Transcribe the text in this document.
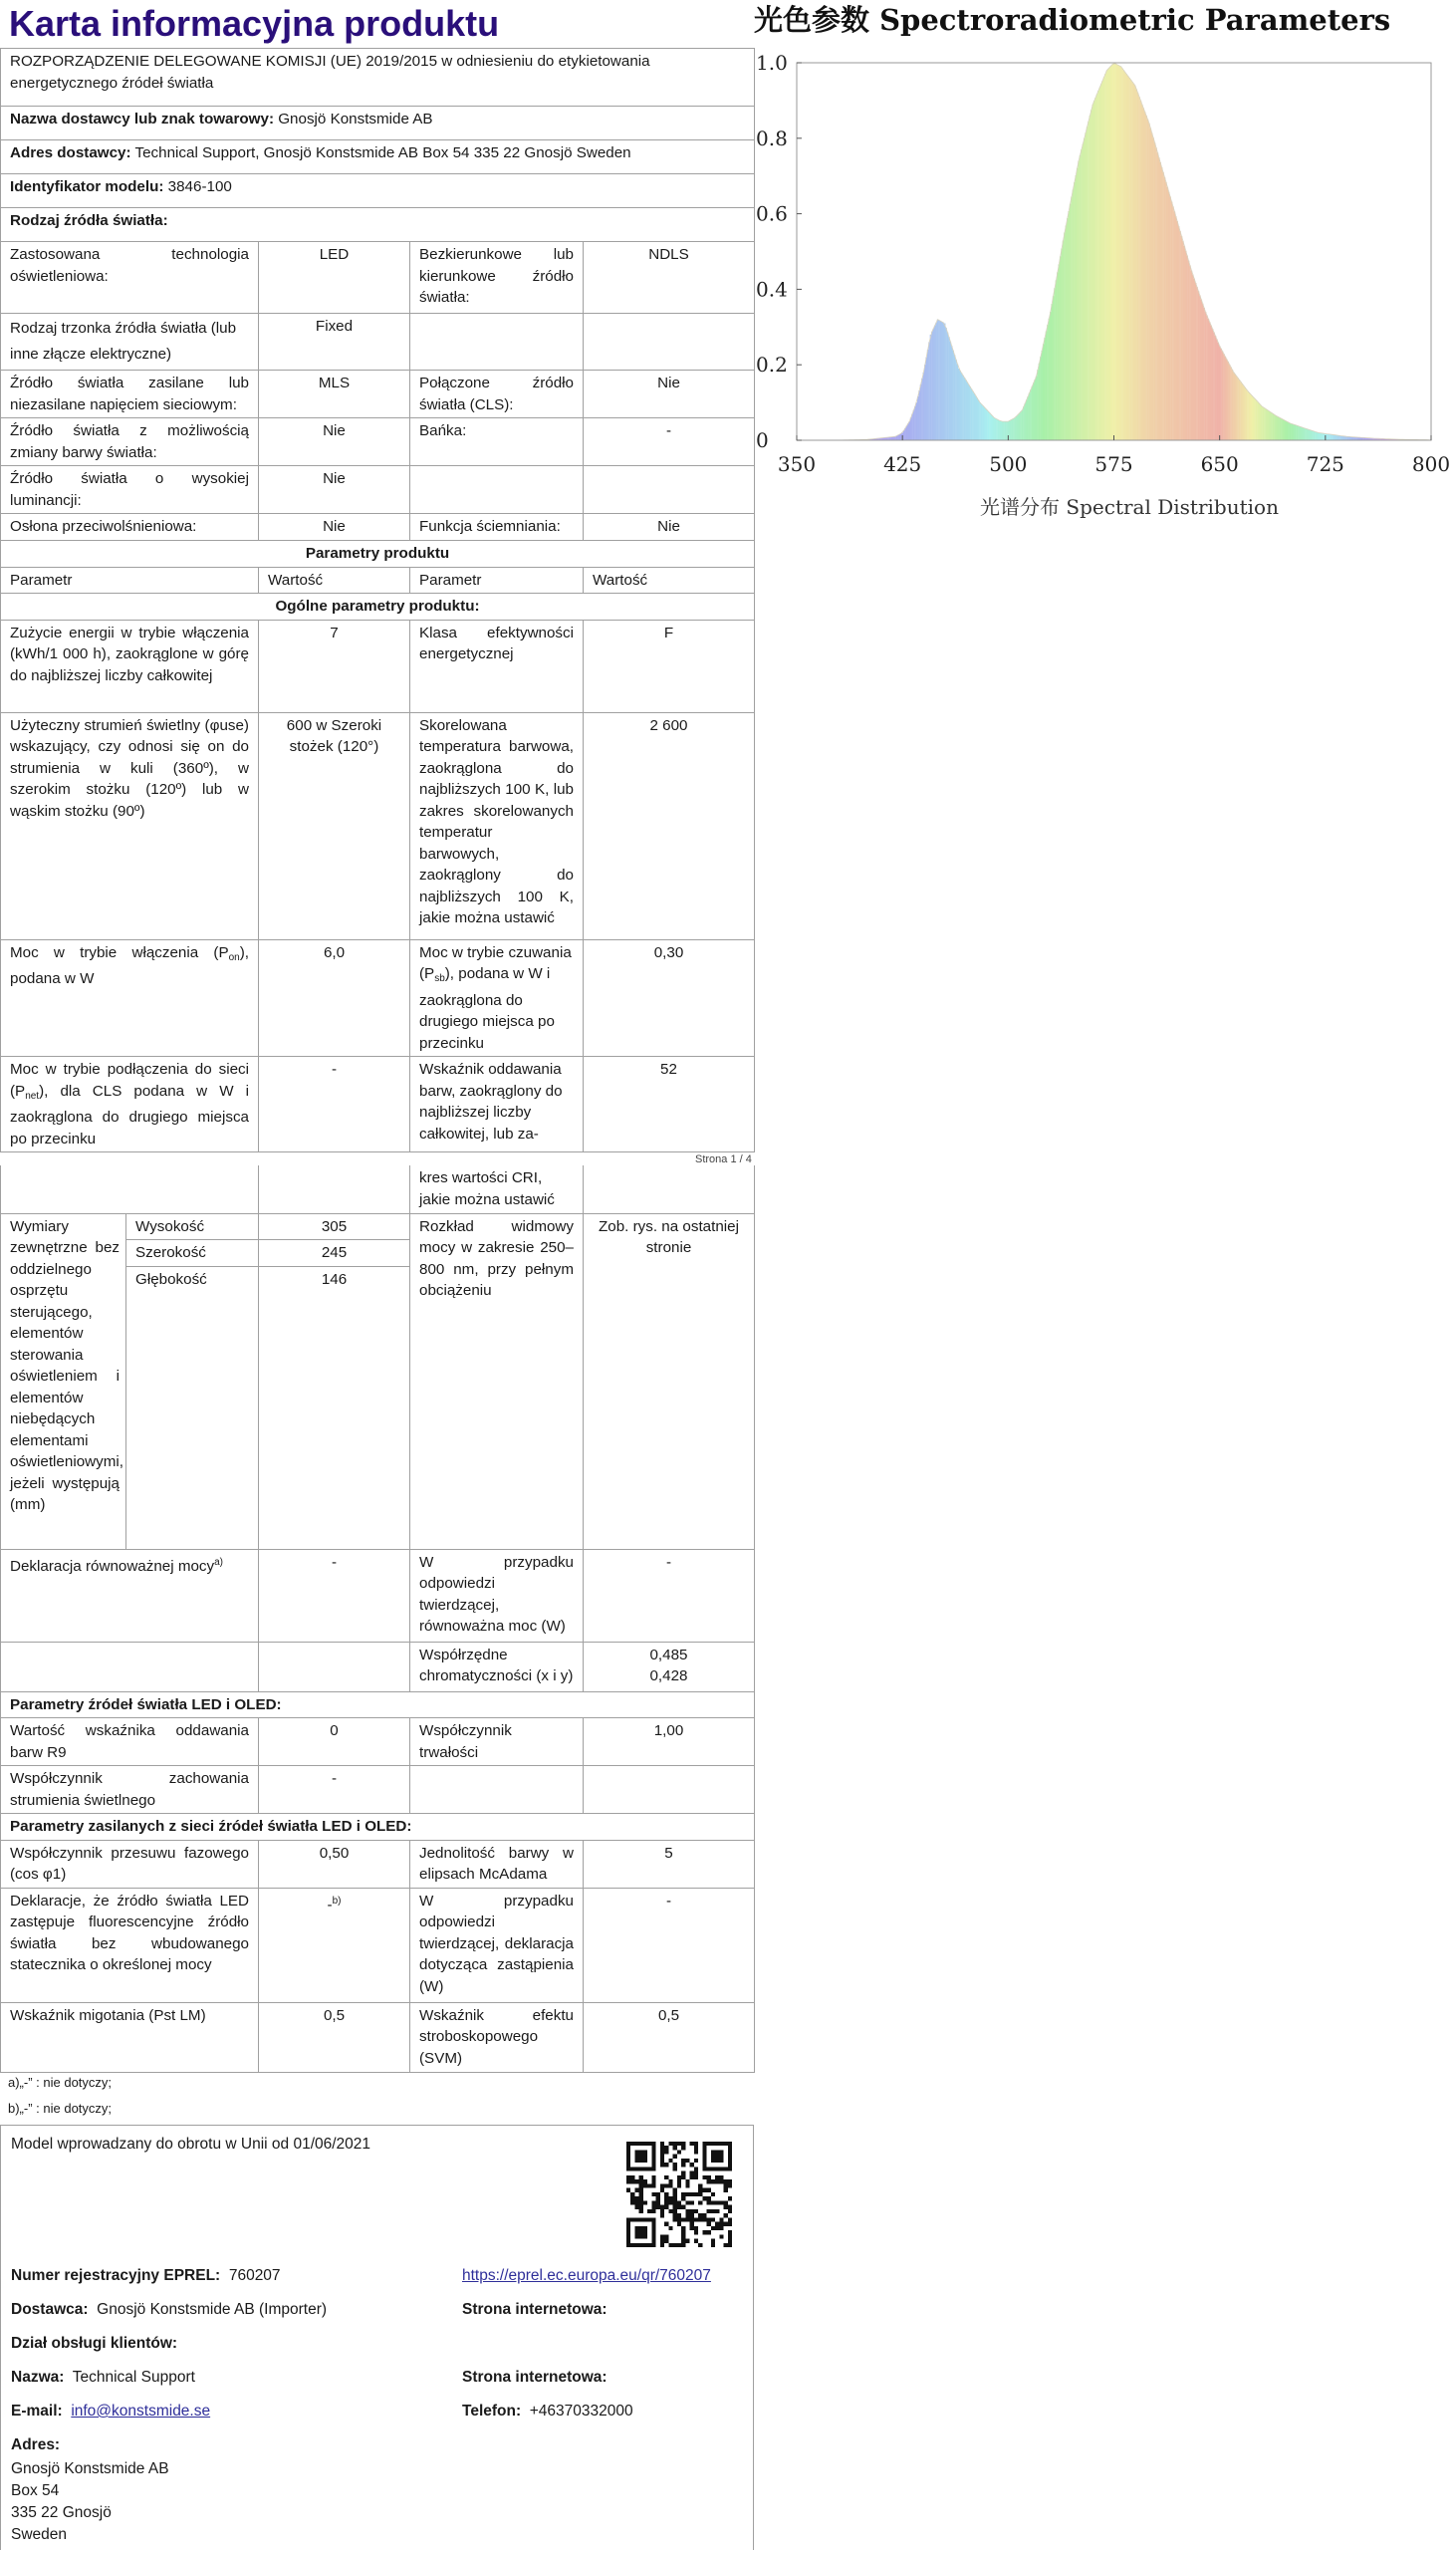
Karta informacyjna produktu
ROZPORZĄDZENIE DELEGOWANE KOMISJI (UE) 2019/2015 w odniesieniu do etykietowania energetycznego źródeł światła			
Nazwa dostawcy lub znak towarowy: Gnosjö Konstsmide AB			
Adres dostawcy: Technical Support, Gnosjö Konstsmide AB Box 54 335 22 Gnosjö Sweden			
Identyfikator modelu: 3846-100			
Rodzaj źródła światła:			
Zastosowana technologia oświetleniowa:	LED	Bezkierunkowe lub kierunkowe źródło światła:	NDLS
Rodzaj trzonka źródła światła (lub inne złącze elektryczne)	Fixed		
Źródło światła zasilane lub niezasilane napięciem sieciowym:	MLS	Połączone źródło światła (CLS):	Nie
Źródło światła z możliwością zmiany barwy światła:	Nie	Bańka:	-
Źródło światła o wysokiej luminancji:	Nie		
Osłona przeciwolśnieniowa:	Nie	Funkcja ściemniania:	Nie
Parametry produktu			
Parametr	Wartość	Parametr	Wartość
Ogólne parametry produktu:			
Zużycie energii w trybie włączenia (kWh/1 000 h), zaokrąglone w górę do najbliższej liczby całkowitej	7	Klasa efektywności energetycznej	F
Użyteczny strumień świetlny (φuse) wskazujący, czy odnosi się on do strumienia w kuli (360º), w szerokim stożku (120º) lub w wąskim stożku (90º)	600 w Szeroki stożek (120°)	Skorelowana temperatura barwowa, zaokrąglona do najbliższych 100 K, lub zakres skorelowanych temperatur barwowych, zaokrąglony do najbliższych 100 K, jakie można ustawić	2 600
Moc w trybie włączenia $(P_{on})$, podana w W	6,0	Moc w trybie czuwania $(P_{sb})$, podana w W i zaokrąglona do drugiego miejsca po przecinku	0,30
Moc w trybie podłączenia do sieci $(P_{net})$, dla CLS podana w W i zaokrąglona do drugiego miejsca po przecinku	-	Wskaźnik oddawania barw, zaokrąglony do najbliższej liczby całkowitej, lub za-	52
Strona 1 / 4
			kres wartości CRI, jakie można ustawić	
Wymiary zewnętrzne bez oddzielnego osprzętu sterującego, elementów sterowania oświetleniem i elementów niebędących elementami oświetleniowymi, jeżeli występują (mm)	Wysokość	305	Rozkład widmowy mocy w zakresie 250–800 nm, przy pełnym obciążeniu	Zob. rys. na ostatniej stronie
	Szerokość	245		
	Głębokość	146		
Deklaracja równoważnej mocy$^{a)}$		-	W przypadku odpowiedzi twierdzącej, równoważna moc (W)	-
			Współrzędne chromatyczności (x i y)	0,485
0,428

Parametry źródeł światła LED i OLED:				
Wartość wskaźnika oddawania barw R9		0	Współczynnik trwałości	1,00
Współczynnik zachowania strumienia świetlnego		-		
Parametry zasilanych z sieci źródeł światła LED i OLED:				
Współczynnik przesuwu fazowego (cos φ1)		0,50	Jednolitość barwy w elipsach McAdama	5
Deklaracje, że źródło światła LED zastępuje fluorescencyjne źródło światła bez wbudowanego statecznika o określonej mocy		-$^{b)}$	W przypadku odpowiedzi twierdzącej, deklaracja dotycząca zastąpienia (W)	-
Wskaźnik migotania (Pst LM)		0,5	Wskaźnik efektu stroboskopowego (SVM)	0,5
a)„-” : nie dotyczy;
b)„-” : nie dotyczy;
Model wprowadzany do obrotu w Unii od 01/06/2021
Numer rejestracyjny EPREL: 760207	https://eprel.ec.europa.eu/qr/760207
Dostawca: Gnosjö Konstsmide AB (Importer)	Strona internetowa:
Dział obsługi klientów:
Nazwa: Technical Support	Strona internetowa:
E-mail: info@konstsmide.se	Telefon: +46370332000
Adres:
Gnosjö Konstsmide AB
Box 54
335 22 Gnosjö
Sweden
光色参数 Spectroradiometric Parameters
光谱分布 Spectral Distribution
350	425	500	575	650	725	800
0
0.2
0.4
0.6
0.8
1.0
